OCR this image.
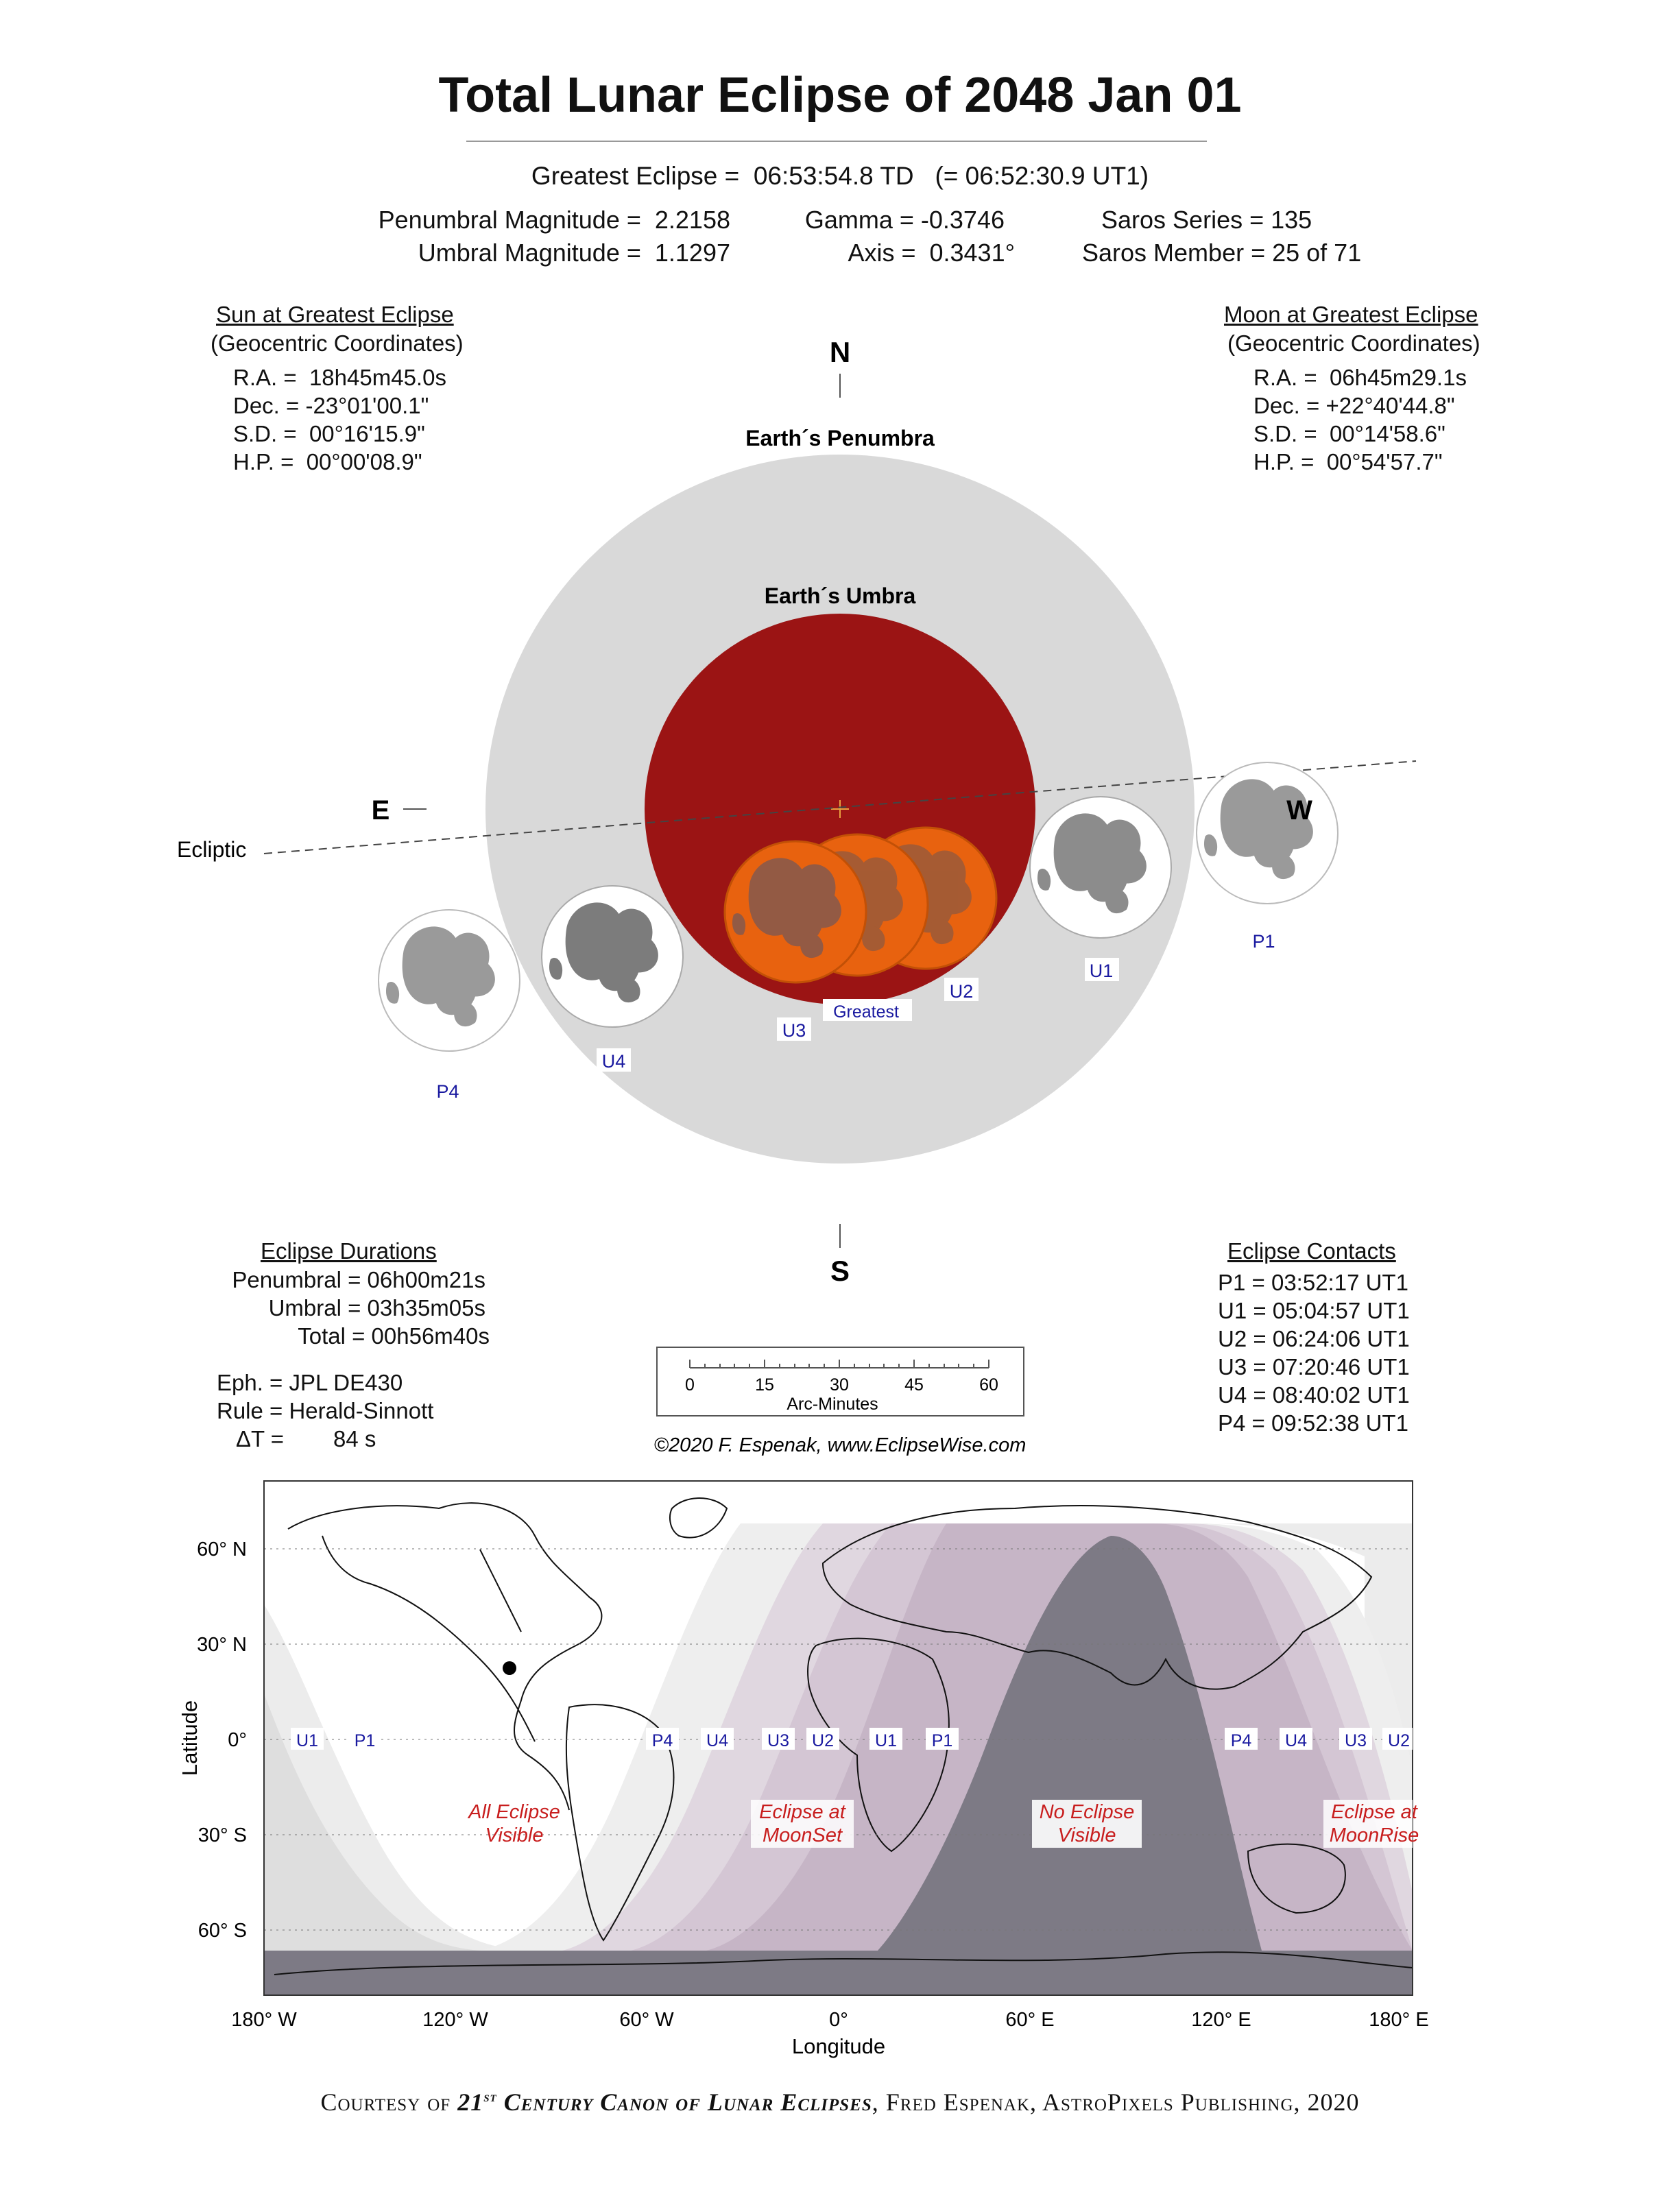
Total Lunar Eclipse of 2048 Jan 01
Greatest Eclipse =  06:53:54.8 TD   (= 06:52:30.9 UT1)
Penumbral Magnitude =  2.2158
Umbral Magnitude =  1.1297
Gamma = -0.3746
Axis =  0.3431°
Saros Series = 135
Saros Member = 25 of 71
Sun at Greatest Eclipse
(Geocentric Coordinates)
R.A. =  18h45m45.0s
Dec. = -23°01'00.1"
S.D. =  00°16'15.9"
H.P. =  00°00'08.9"
Moon at Greatest Eclipse
(Geocentric Coordinates)
R.A. =  06h45m29.1s
Dec. = +22°40'44.8"
S.D. =  00°14'58.6"
H.P. =  00°54'57.7"
N
S
E	W
Earth´s Penumbra
Earth´s Umbra
Ecliptic
P1
U1
U2
Greatest
U3
U4
P4
0	15	30	45	60
Arc-Minutes
©2020 F. Espenak, www.EclipseWise.com
Eclipse Durations
Penumbral = 06h00m21s
Umbral = 03h35m05s
Total = 00h56m40s
Eph. = JPL DE430
Rule = Herald-Sinnott
ΔT = 84 s
Eclipse Contacts
P1 = 03:52:17 UT1
U1 = 05:04:57 UT1
U2 = 06:24:06 UT1
U3 = 07:20:46 UT1
U4 = 08:40:02 UT1
P4 = 09:52:38 UT1
U1 P1	P4 U4 U3 U2 U1 P1	P4 U4 U3 U2
All Eclipse
Visible
Eclipse at
MoonSet
No Eclipse
Visible
Eclipse at
MoonRise
60° N
30° N
0°
30° S
60° S
Latitude
180° W	120° W	60° W	0°	60° E	120° E	180° E
Longitude
Courtesy of 21st Century Canon of Lunar Eclipses, Fred Espenak, AstroPixels Publishing, 2020
